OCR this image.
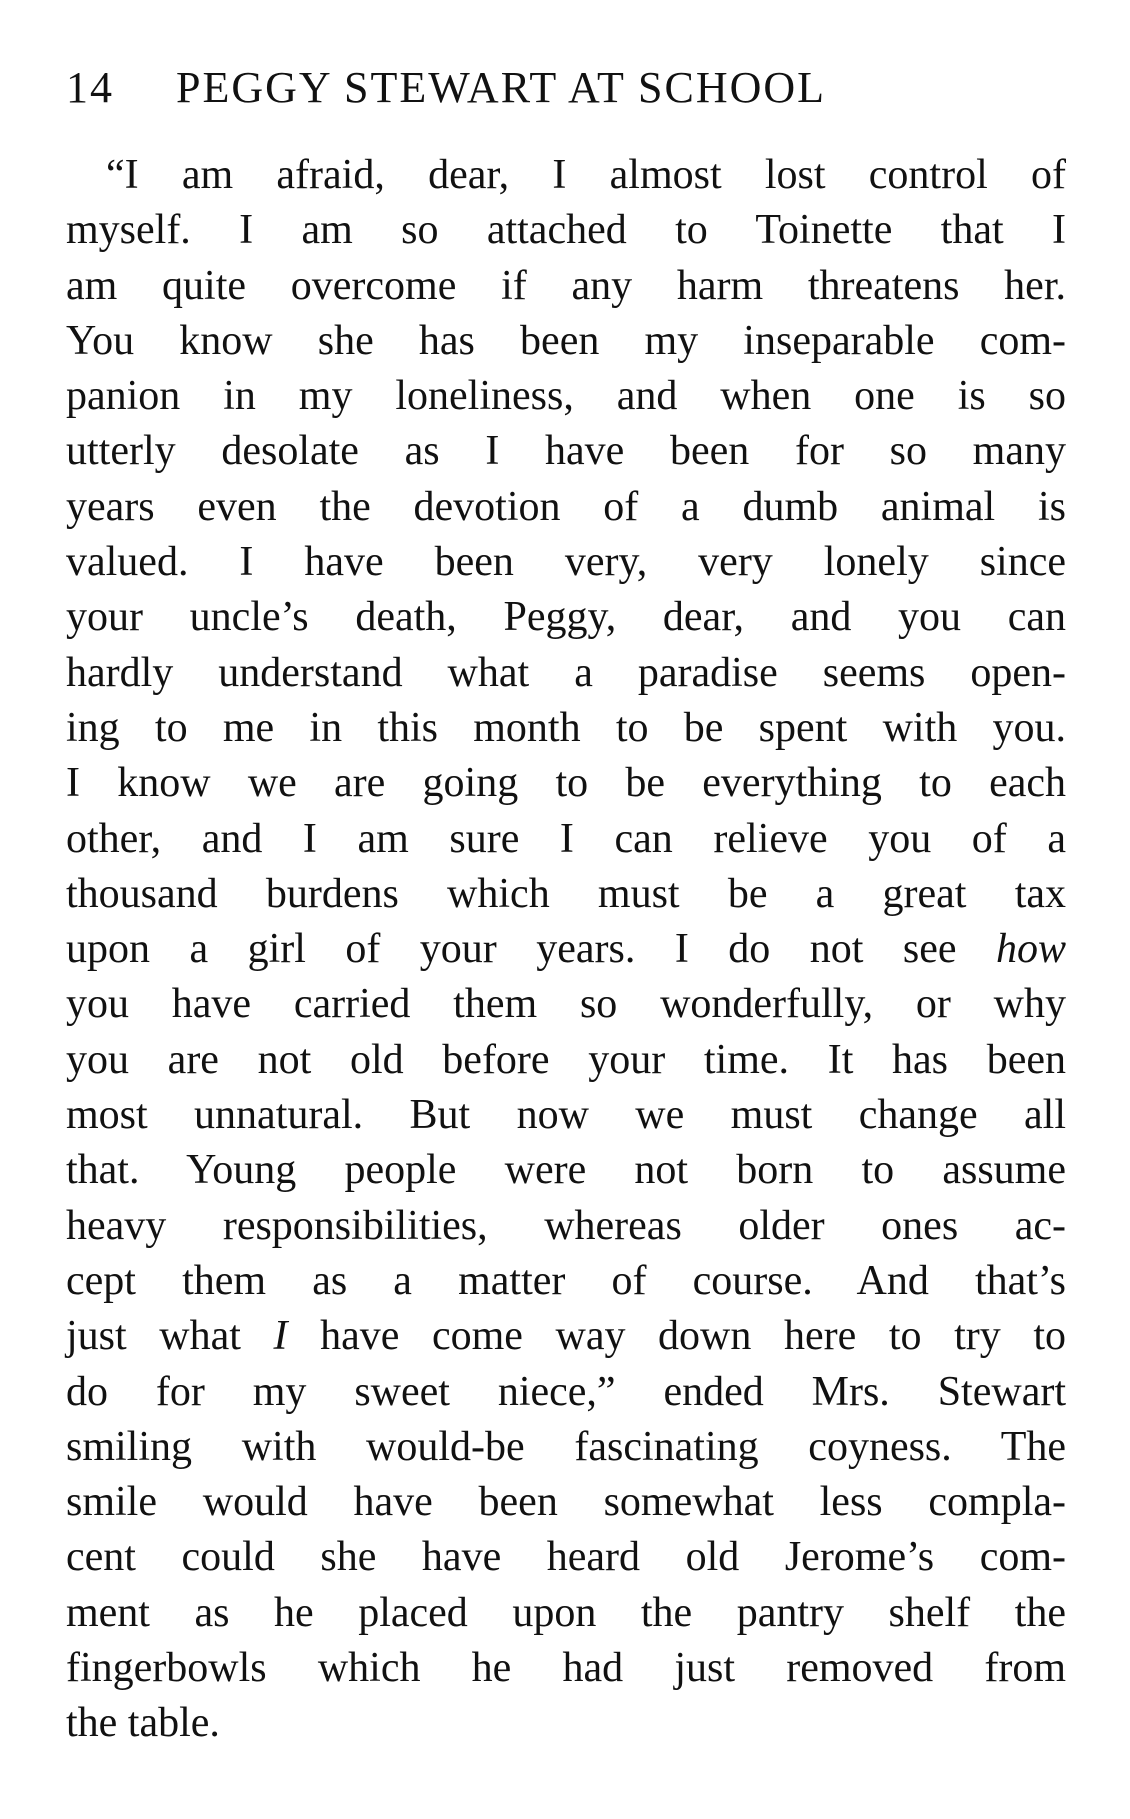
14 PEGGY STEWART AT SCHOOL

“I am afraid, dear, I almost lost control of
myself. I am so attached to Toinette that I
am quite overcome if any harm threatens her.
You know she has been my inseparable com-
panion in my loneliness, and when one is so
utterly desolate as I have been for so many
years even the devotion of a dumb animal is
valued. I have been very, very lonely since
your uncle’s death, Peggy, dear, and you can
hardly understand what a paradise seems open-
ing to me in this month to be spent with you.
I know we are going to be everything to each
other, and I am sure I can relieve you of a
thousand burdens which must be a great tax
upon a girl of your years. I do not see how
you have carried them so wonderfully, or why
you are not old before your time. It has been
most unnatural. But now we must change all
that. Young people were not born to assume
heavy responsibilities, whereas older ones ac-
cept them as a matter of course. And that’s
just what I have come way down here to try to
do for my sweet niece,” ended Mrs. Stewart
smiling with would-be fascinating coyness. The
smile would have been somewhat less compla-
cent could she have heard old Jerome’s com-
ment as he placed upon the pantry shelf the
fingerbowls which he had just removed from
the table.
